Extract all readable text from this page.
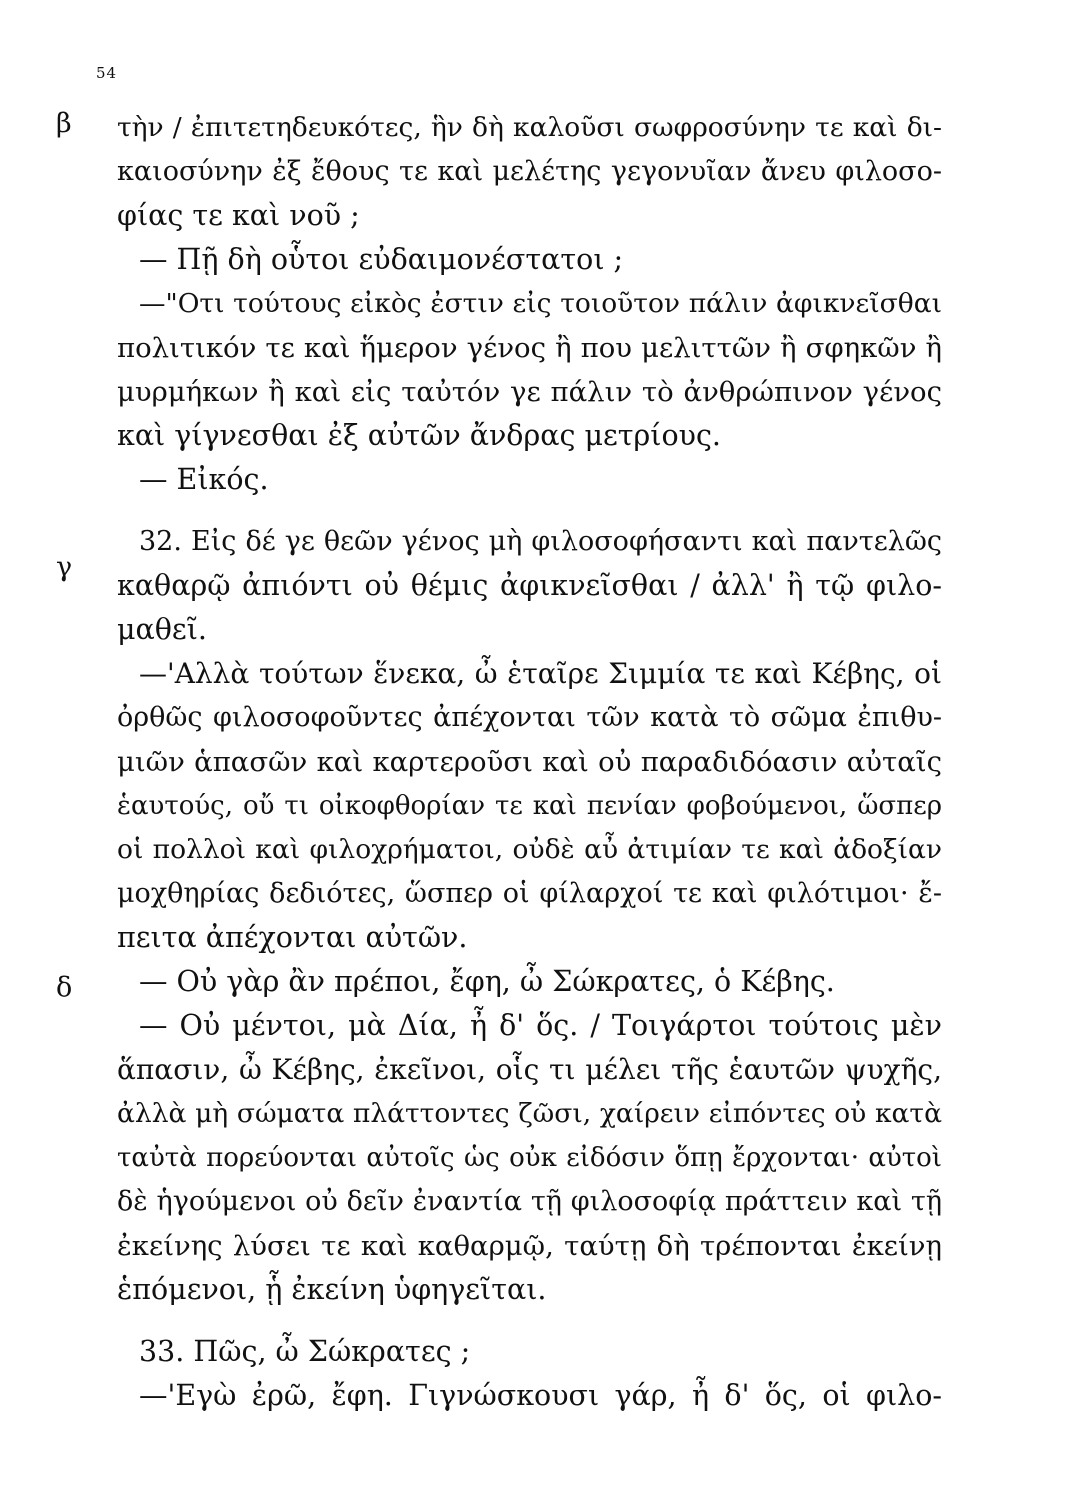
54
β
γ
δ
τὴν / ἐπιτετηδευκότες, ἣν δὴ καλοῦσι σωφροσύνην τε καὶ δι-
καιοσύνην ἐξ ἔθους τε καὶ μελέτης γεγονυῖαν ἄνευ φιλοσο-
φίας τε καὶ νοῦ ;
— Πῇ δὴ οὗτοι εὐδαιμονέστατοι ;
—"Οτι τούτους εἰκὸς ἐστιν εἰς τοιοῦτον πάλιν ἀφικνεῖσθαι
πολιτικόν τε καὶ ἥμερον γένος ἢ που μελιττῶν ἢ σφηκῶν ἢ
μυρμήκων ἢ καὶ εἰς ταὐτόν γε πάλιν τὸ ἀνθρώπινον γένος
καὶ γίγνεσθαι ἐξ αὐτῶν ἄνδρας μετρίους.
— Εἰκός.
32. Εἰς δέ γε θεῶν γένος μὴ φιλοσοφήσαντι καὶ παντελῶς
καθαρῷ ἀπιόντι οὐ θέμις ἀφικνεῖσθαι / ἀλλ' ἢ τῷ φιλο-
μαθεῖ.
—'Αλλὰ τούτων ἕνεκα, ὦ ἑταῖρε Σιμμία τε καὶ Κέβης, οἱ
ὀρθῶς φιλοσοφοῦντες ἀπέχονται τῶν κατὰ τὸ σῶμα ἐπιθυ-
μιῶν ἁπασῶν καὶ καρτεροῦσι καὶ οὐ παραδιδόασιν αὐταῖς
ἑαυτούς, οὔ τι οἰκοφθορίαν τε καὶ πενίαν φοβούμενοι, ὥσπερ
οἱ πολλοὶ καὶ φιλοχρήματοι, οὐδὲ αὖ ἀτιμίαν τε καὶ ἀδοξίαν
μοχθηρίας δεδιότες, ὥσπερ οἱ φίλαρχοί τε καὶ φιλότιμοι· ἔ-
πειτα ἀπέχονται αὐτῶν.
— Οὐ γὰρ ἂν πρέποι, ἔφη, ὦ Σώκρατες, ὁ Κέβης.
— Οὐ μέντοι, μὰ Δία, ἦ δ' ὅς. / Τοιγάρτοι τούτοις μὲν
ἅπασιν, ὦ Κέβης, ἐκεῖνοι, οἷς τι μέλει τῆς ἑαυτῶν ψυχῆς,
ἀλλὰ μὴ σώματα πλάττοντες ζῶσι, χαίρειν εἰπόντες οὐ κατὰ
ταὐτὰ πορεύονται αὐτοῖς ὡς οὐκ εἰδόσιν ὅπῃ ἔρχονται· αὐτοὶ
δὲ ἡγούμενοι οὐ δεῖν ἐναντία τῇ φιλοσοφίᾳ πράττειν καὶ τῇ
ἐκείνης λύσει τε καὶ καθαρμῷ, ταύτῃ δὴ τρέπονται ἐκείνῃ
ἑπόμενοι, ᾗ ἐκείνη ὑφηγεῖται.
33. Πῶς, ὦ Σώκρατες ;
—'Εγὼ ἐρῶ, ἔφη. Γιγνώσκουσι γάρ, ἦ δ' ὅς, οἱ φιλο-
